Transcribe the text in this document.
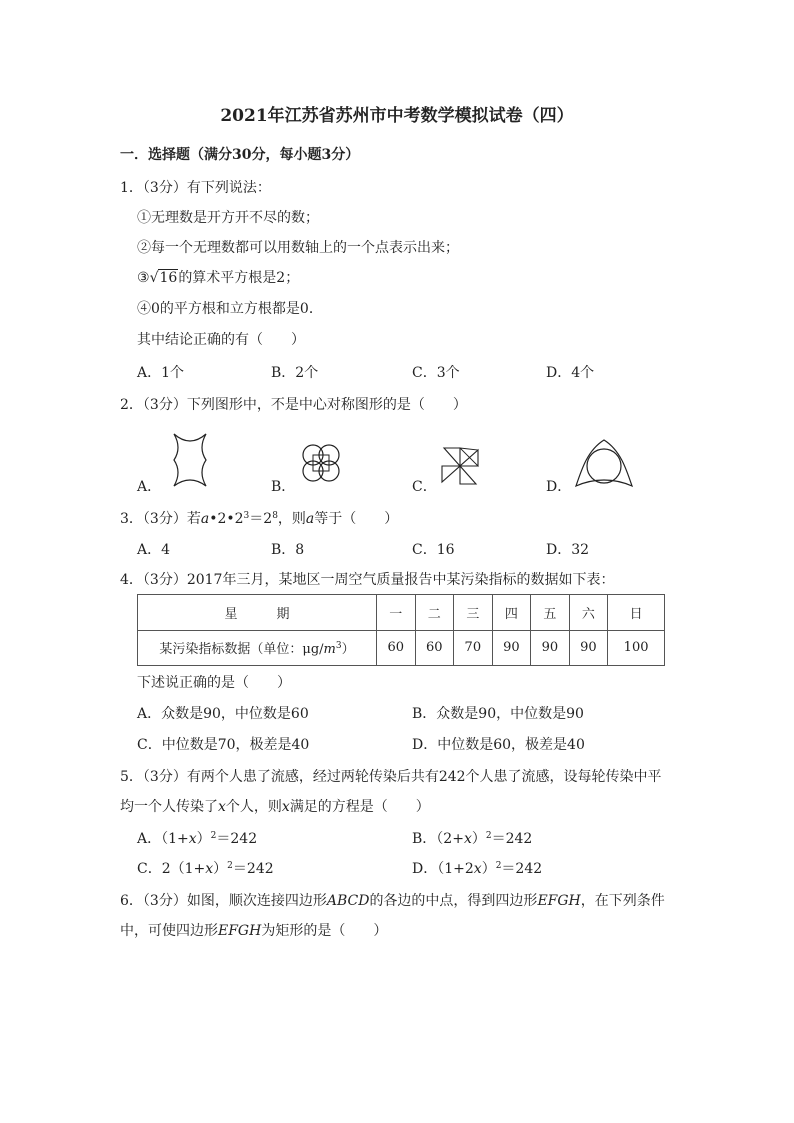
2021年江苏省苏州市中考数学模拟试卷（四）
一．选择题（满分30分，每小题3分）
1．（3分）有下列说法：
①无理数是开方开不尽的数；
②每一个无理数都可以用数轴上的一个点表示出来；
③√16的算术平方根是2；
④0的平方根和立方根都是0．
其中结论正确的有（　　）
A．1个	B．2个	C．3个	D．4个
2．（3分）下列图形中，不是中心对称图形的是（　　）
A．	B．	C．	D．
3．（3分）若$a•2•2^3=2^8$，则a等于（　　）
A．4	B．8	C．16	D．32
4．（3分）2017年三月，某地区一周空气质量报告中某污染指标的数据如下表：
星　　　期	一	二	三	四	五	六	日
某污染指标数据（单位：$\mu g/m^3$）	60	60	70	90	90	90	100
下述说正确的是（　　）
A．众数是90，中位数是60	B．众数是90，中位数是90
C．中位数是70，极差是40	D．中位数是60，极差是40
5．（3分）有两个人患了流感，经过两轮传染后共有242个人患了流感，设每轮传染中平
均一个人传染了x个人，则x满足的方程是（　　）
A．$(1+x)^2=242$	B．$(2+x)^2=242$
C．$2(1+x)^2=242$	D．$(1+2x)^2=242$
6．（3分）如图，顺次连接四边形ABCD的各边的中点，得到四边形EFGH，在下列条件
中，可使四边形EFGH为矩形的是（　　）
